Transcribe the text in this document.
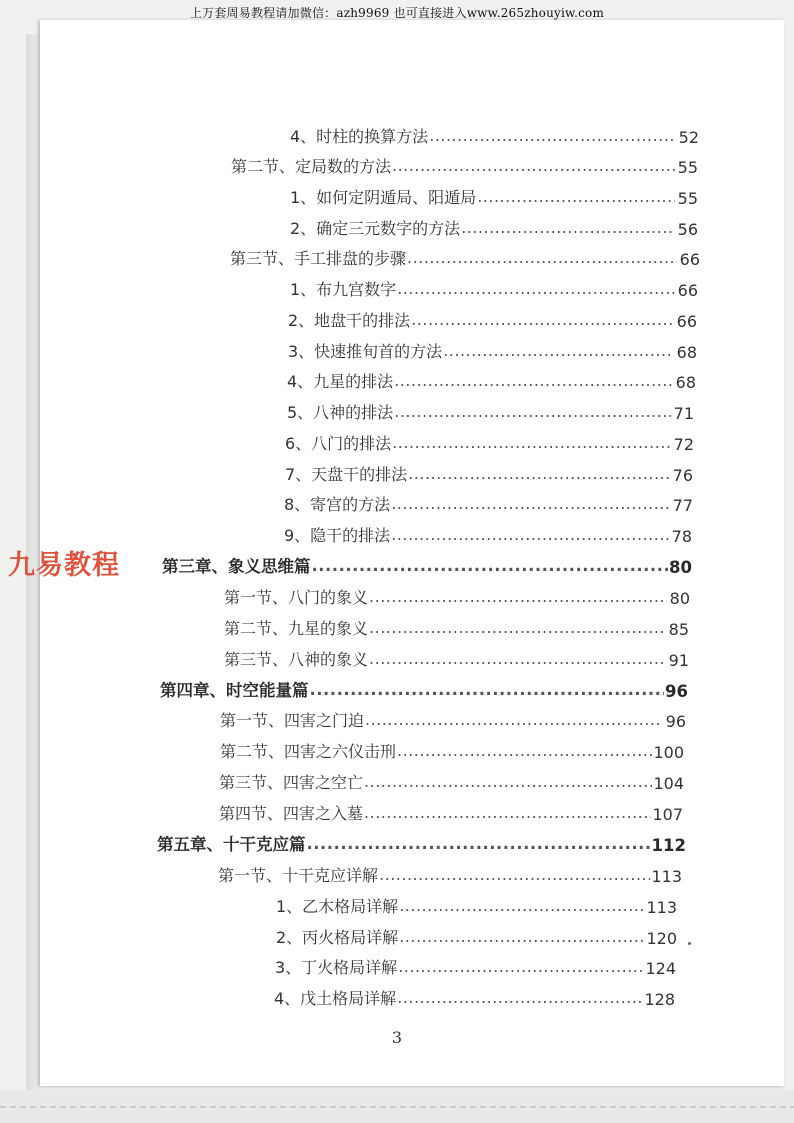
上万套周易教程请加微信：azh9969 也可直接进入www.265zhouyiw.com
4、时柱的换算方法 .....	52
第二节、定局数的方法 .....	55
1、如何定阴遁局、阳遁局 .....	55
2、确定三元数字的方法 .....	56
第三节、手工排盘的步骤 .....	66
1、布九宫数字 .....	66
2、地盘干的排法 .....	66
3、快速推旬首的方法 .....	68
4、九星的排法 .....	68
5、八神的排法 .....	71
6、八门的排法 .....	72
7、天盘干的排法 .....	76
8、寄宫的方法 .....	77
9、隐干的排法 .....	78
第三章、象义思维篇 .....	80
第一节、八门的象义 .....	80
第二节、九星的象义 .....	85
第三节、八神的象义 .....	91
第四章、时空能量篇 .....	96
第一节、四害之门迫 .....	96
第二节、四害之六仪击刑 .....	100
第三节、四害之空亡 .....	104
第四节、四害之入墓 .....	107
第五章、十干克应篇 .....	112
第一节、十干克应详解 .....	113
1、乙木格局详解 .....	113
2、丙火格局详解 .....	120
3、丁火格局详解 .....	124
4、戊土格局详解 .....	128
九易教程
3
